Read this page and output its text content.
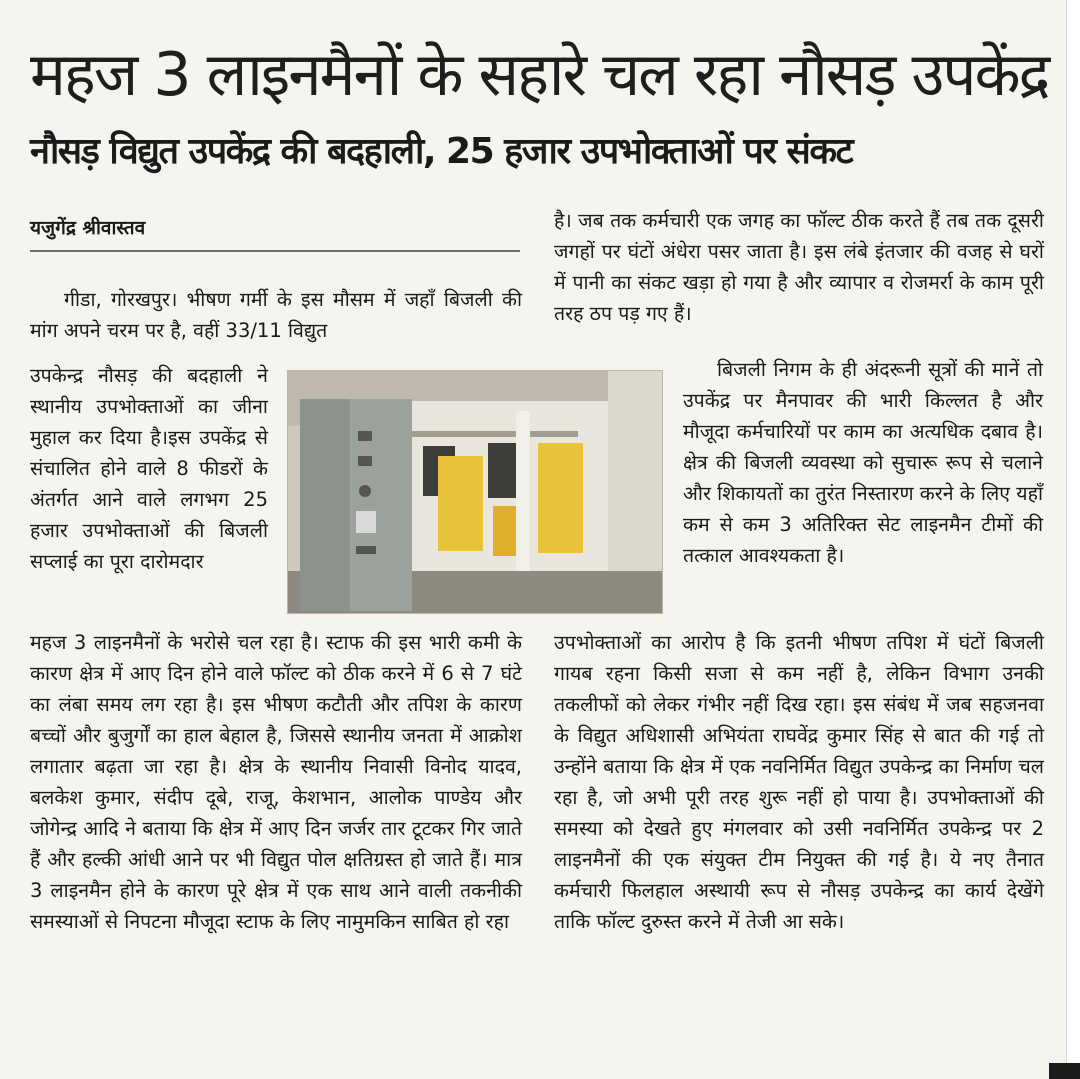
महज 3 लाइनमैनों के सहारे चल रहा नौसड़ उपकेंद्र
नौसड़ विद्युत उपकेंद्र की बदहाली, 25 हजार उपभोक्ताओं पर संकट
यजुगेंद्र श्रीवास्तव

गीडा, गोरखपुर। भीषण गर्मी के इस मौसम में जहाँ बिजली की मांग अपने चरम पर है, वहीं 33/11 विद्युत

उपकेन्द्र नौसड़ की बदहाली ने स्थानीय उपभोक्ताओं का जीना मुहाल कर दिया है।इस उपकेंद्र से संचालित होने वाले 8 फीडरों के अंतर्गत आने वाले लगभग 25 हजार उपभोक्ताओं की बिजली सप्लाई का पूरा दारोमदार

महज 3 लाइनमैनों के भरोसे चल रहा है। स्टाफ की इस भारी कमी के कारण क्षेत्र में आए दिन होने वाले फॉल्ट को ठीक करने में 6 से 7 घंटे का लंबा समय लग रहा है। इस भीषण कटौती और तपिश के कारण बच्चों और बुजुर्गों का हाल बेहाल है, जिससे स्थानीय जनता में आक्रोश लगातार बढ़ता जा रहा है। क्षेत्र के स्थानीय निवासी विनोद यादव, बलकेश कुमार, संदीप दूबे, राजू, केशभान, आलोक पाण्डेय और जोगेन्द्र आदि ने बताया कि क्षेत्र में आए दिन जर्जर तार टूटकर गिर जाते हैं और हल्की आंधी आने पर भी विद्युत पोल क्षतिग्रस्त हो जाते हैं। मात्र 3 लाइनमैन होने के कारण पूरे क्षेत्र में एक साथ आने वाली तकनीकी समस्याओं से निपटना मौजूदा स्टाफ के लिए नामुमकिन साबित हो रहा

है। जब तक कर्मचारी एक जगह का फॉल्ट ठीक करते हैं तब तक दूसरी जगहों पर घंटों अंधेरा पसर जाता है। इस लंबे इंतजार की वजह से घरों में पानी का संकट खड़ा हो गया है और व्यापार व रोजमर्रा के काम पूरी तरह ठप पड़ गए हैं।

बिजली निगम के ही अंदरूनी सूत्रों की मानें तो उपकेंद्र पर मैनपावर की भारी किल्लत है और मौजूदा कर्मचारियों पर काम का अत्यधिक दबाव है। क्षेत्र की बिजली व्यवस्था को सुचारू रूप से चलाने और शिकायतों का तुरंत निस्तारण करने के लिए यहाँ कम से कम 3 अतिरिक्त सेट लाइनमैन टीमों की तत्काल आवश्यकता है।

उपभोक्ताओं का आरोप है कि इतनी भीषण तपिश में घंटों बिजली गायब रहना किसी सजा से कम नहीं है, लेकिन विभाग उनकी तकलीफों को लेकर गंभीर नहीं दिख रहा। इस संबंध में जब सहजनवा के विद्युत अधिशासी अभियंता राघवेंद्र कुमार सिंह से बात की गई तो उन्होंने बताया कि क्षेत्र में एक नवनिर्मित विद्युत उपकेन्द्र का निर्माण चल रहा है, जो अभी पूरी तरह शुरू नहीं हो पाया है। उपभोक्ताओं की समस्या को देखते हुए मंगलवार को उसी नवनिर्मित उपकेन्द्र पर 2 लाइनमैनों की एक संयुक्त टीम नियुक्त की गई है। ये नए तैनात कर्मचारी फिलहाल अस्थायी रूप से नौसड़ उपकेन्द्र का कार्य देखेंगे ताकि फॉल्ट दुरुस्त करने में तेजी आ सके।
